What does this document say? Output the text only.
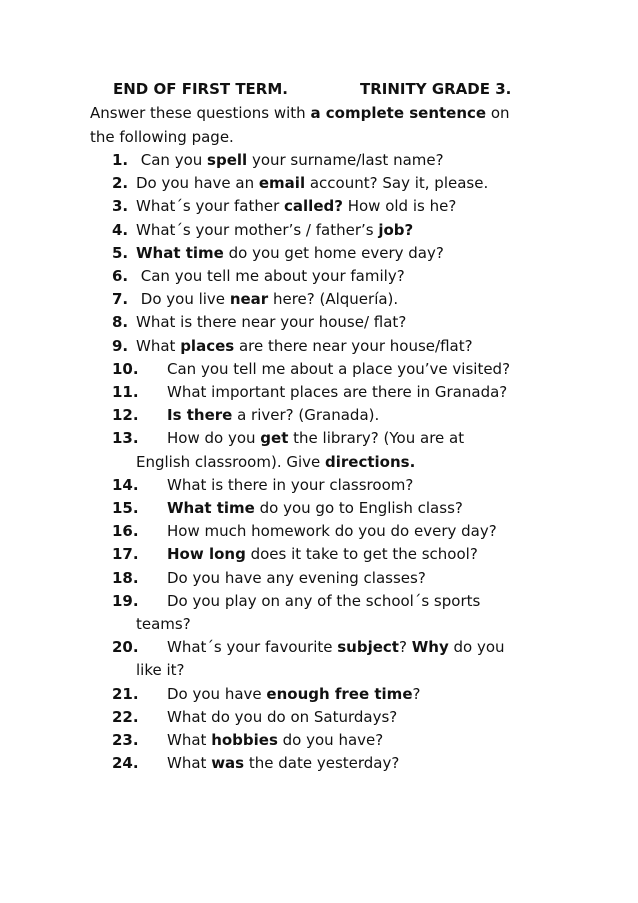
END OF FIRST TERM.	TRINITY GRADE 3.
Answer these questions with a complete sentence on
the following page.
1. Can you spell your surname/last name?
2. Do you have an email account? Say it, please.
3. What´s your father called? How old is he?
4. What´s your mother’s / father’s job?
5. What time do you get home every day?
6. Can you tell me about your family?
7. Do you live near here? (Alquería).
8. What is there near your house/ flat?
9. What places are there near your house/flat?
10. Can you tell me about a place you’ve visited?
11. What important places are there in Granada?
12. Is there a river? (Granada).
13. How do you get the library? (You are at
English classroom). Give directions.
14. What is there in your classroom?
15. What time do you go to English class?
16. How much homework do you do every day?
17. How long does it take to get the school?
18. Do you have any evening classes?
19. Do you play on any of the school´s sports
teams?
20. What´s your favourite subject? Why do you
like it?
21. Do you have enough free time?
22. What do you do on Saturdays?
23. What hobbies do you have?
24. What was the date yesterday?
